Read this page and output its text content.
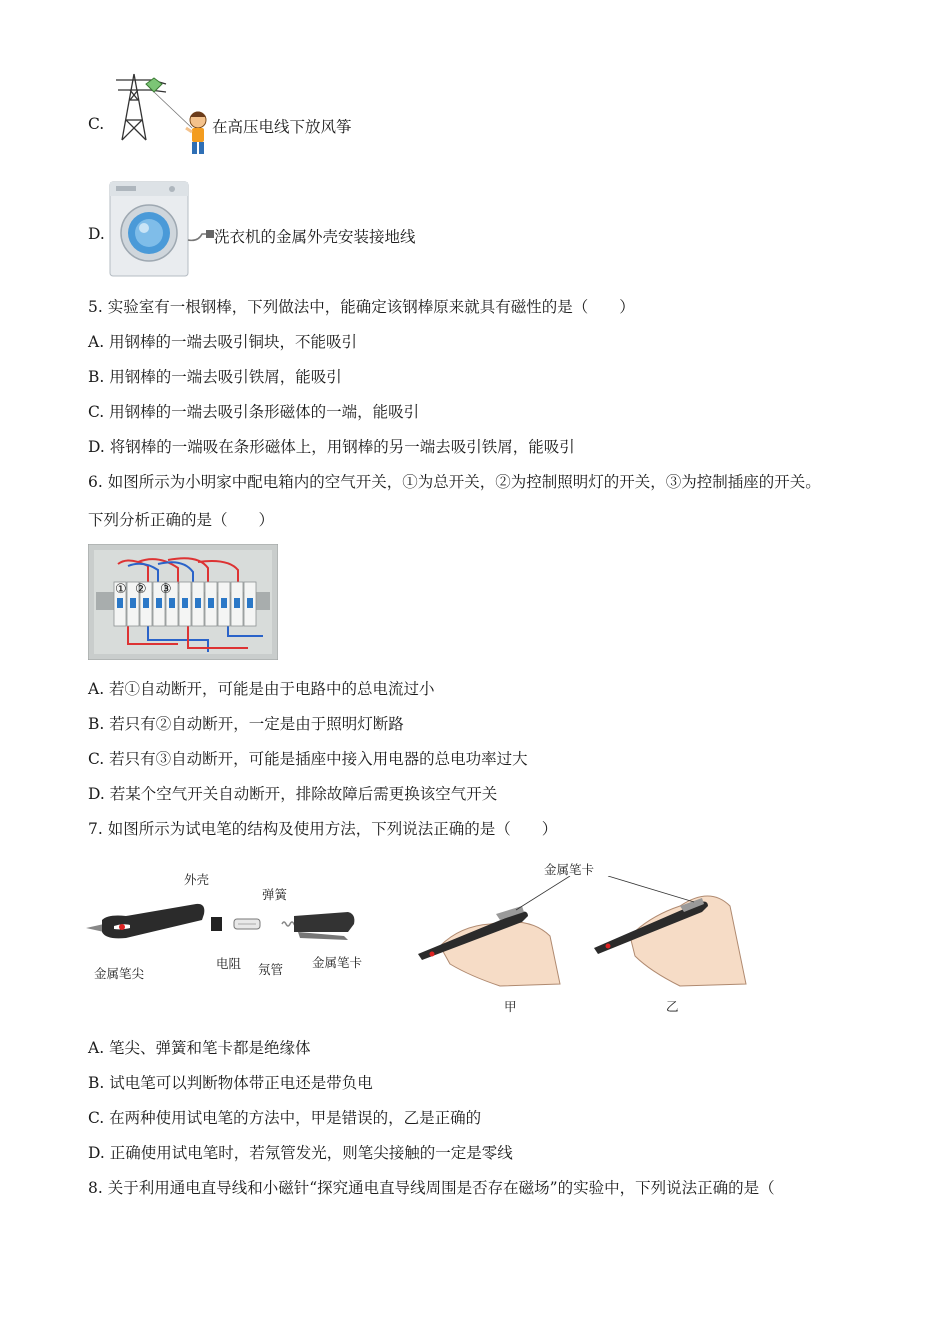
C.	在高压电线下放风筝
D.	洗衣机的金属外壳安装接地线
5. 实验室有一根钢棒，下列做法中，能确定该钢棒原来就具有磁性的是（　　）
A. 用钢棒的一端去吸引铜块，不能吸引
B. 用钢棒的一端去吸引铁屑，能吸引
C. 用钢棒的一端去吸引条形磁体的一端，能吸引
D. 将钢棒的一端吸在条形磁体上，用钢棒的另一端去吸引铁屑，能吸引
6. 如图所示为小明家中配电箱内的空气开关，①为总开关，②为控制照明灯的开关，③为控制插座的开关。
下列分析正确的是（　　）
① ② ③
A. 若①自动断开，可能是由于电路中的总电流过小
B. 若只有②自动断开，一定是由于照明灯断路
C. 若只有③自动断开，可能是插座中接入用电器的总电功率过大
D. 若某个空气开关自动断开，排除故障后需更换该空气开关
7. 如图所示为试电笔的结构及使用方法，下列说法正确的是（　　）
外壳
弹簧
金属笔尖
电阻 氖管 金属笔卡
金属笔卡
甲	乙
A. 笔尖、弹簧和笔卡都是绝缘体
B. 试电笔可以判断物体带正电还是带负电
C. 在两种使用试电笔的方法中，甲是错误的，乙是正确的
D. 正确使用试电笔时，若氖管发光，则笔尖接触的一定是零线
8. 关于利用通电直导线和小磁针“探究通电直导线周围是否存在磁场”的实验中，下列说法正确的是（
